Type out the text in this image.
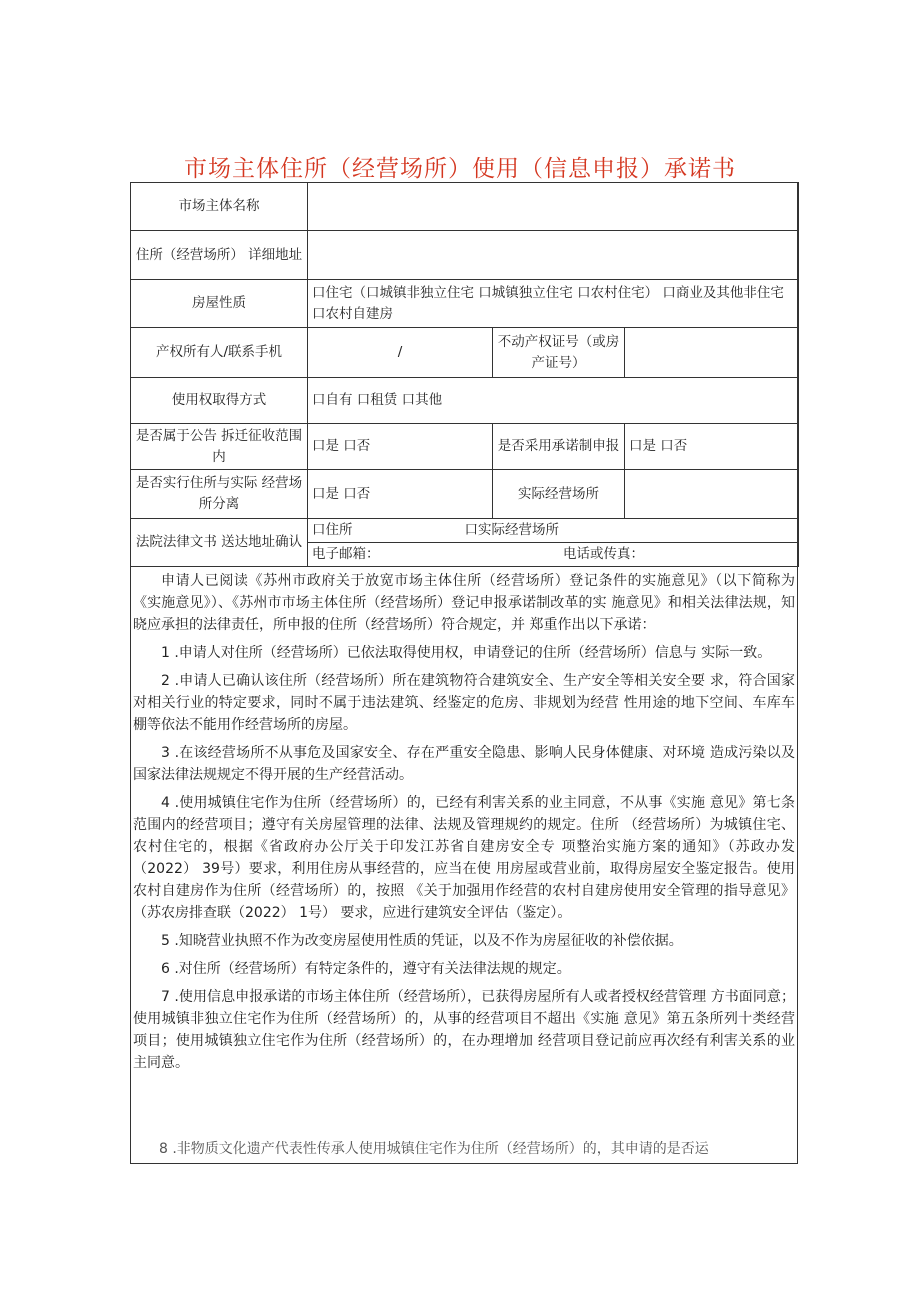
市场主体住所（经营场所）使用（信息申报）承诺书
市场主体名称			
住所（经营场所） 详细地址			
房屋性质	口住宅（口城镇非独立住宅 口城镇独立住宅 口农村住宅） 口商业及其他非住宅 口农村自建房		
产权所有人/联系手机	/	不动产权证号（或房产证号）	
使用权取得方式	口自有 口租赁 口其他		
是否属于公告 拆迁征收范围内	口是 口否	是否采用承诺制申报	口是 口否
是否实行住所与实际 经营场所分离	口是 口否	实际经营场所	
法院法律文书 送达地址确认	口住所 口实际经营场所		

	电子邮箱： 电话或传真：		

申请人已阅读《苏州市政府关于放宽市场主体住所（经营场所）登记条件的实施意见》（以下简称为《实施意见》）、《苏州市市场主体住所（经营场所）登记申报承诺制改革的实 施意见》和相关法律法规，知晓应承担的法律责任，所申报的住所（经营场所）符合规定，并 郑重作出以下承诺：

1 .申请人对住所（经营场所）已依法取得使用权，申请登记的住所（经营场所）信息与 实际一致。

2 .申请人已确认该住所（经营场所）所在建筑物符合建筑安全、生产安全等相关安全要 求，符合国家对相关行业的特定要求，同时不属于违法建筑、经鉴定的危房、非规划为经营 性用途的地下空间、车库车棚等依法不能用作经营场所的房屋。

3 .在该经营场所不从事危及国家安全、存在严重安全隐患、影响人民身体健康、对环境 造成污染以及国家法律法规规定不得开展的生产经营活动。

4 .使用城镇住宅作为住所（经营场所）的，已经有利害关系的业主同意，不从事《实施 意见》第七条范围内的经营项目；遵守有关房屋管理的法律、法规及管理规约的规定。住所 （经营场所）为城镇住宅、农村住宅的，根据《省政府办公厅关于印发江苏省自建房安全专 项整治实施方案的通知》（苏政办发（2022） 39号）要求，利用住房从事经营的，应当在使 用房屋或营业前，取得房屋安全鉴定报告。使用农村自建房作为住所（经营场所）的，按照 《关于加强用作经营的农村自建房使用安全管理的指导意见》（苏农房排查联（2022） 1号） 要求，应进行建筑安全评估（鉴定）。

5 .知晓营业执照不作为改变房屋使用性质的凭证，以及不作为房屋征收的补偿依据。

6 .对住所（经营场所）有特定条件的，遵守有关法律法规的规定。

7 .使用信息申报承诺的市场主体住所（经营场所），已获得房屋所有人或者授权经营管理 方书面同意；使用城镇非独立住宅作为住所（经营场所）的，从事的经营项目不超出《实施 意见》第五条所列十类经营项目；使用城镇独立住宅作为住所（经营场所）的，在办理增加 经营项目登记前应再次经有利害关系的业主同意。

8 .非物质文化遗产代表性传承人使用城镇住宅作为住所（经营场所）的，其申请的是否运
